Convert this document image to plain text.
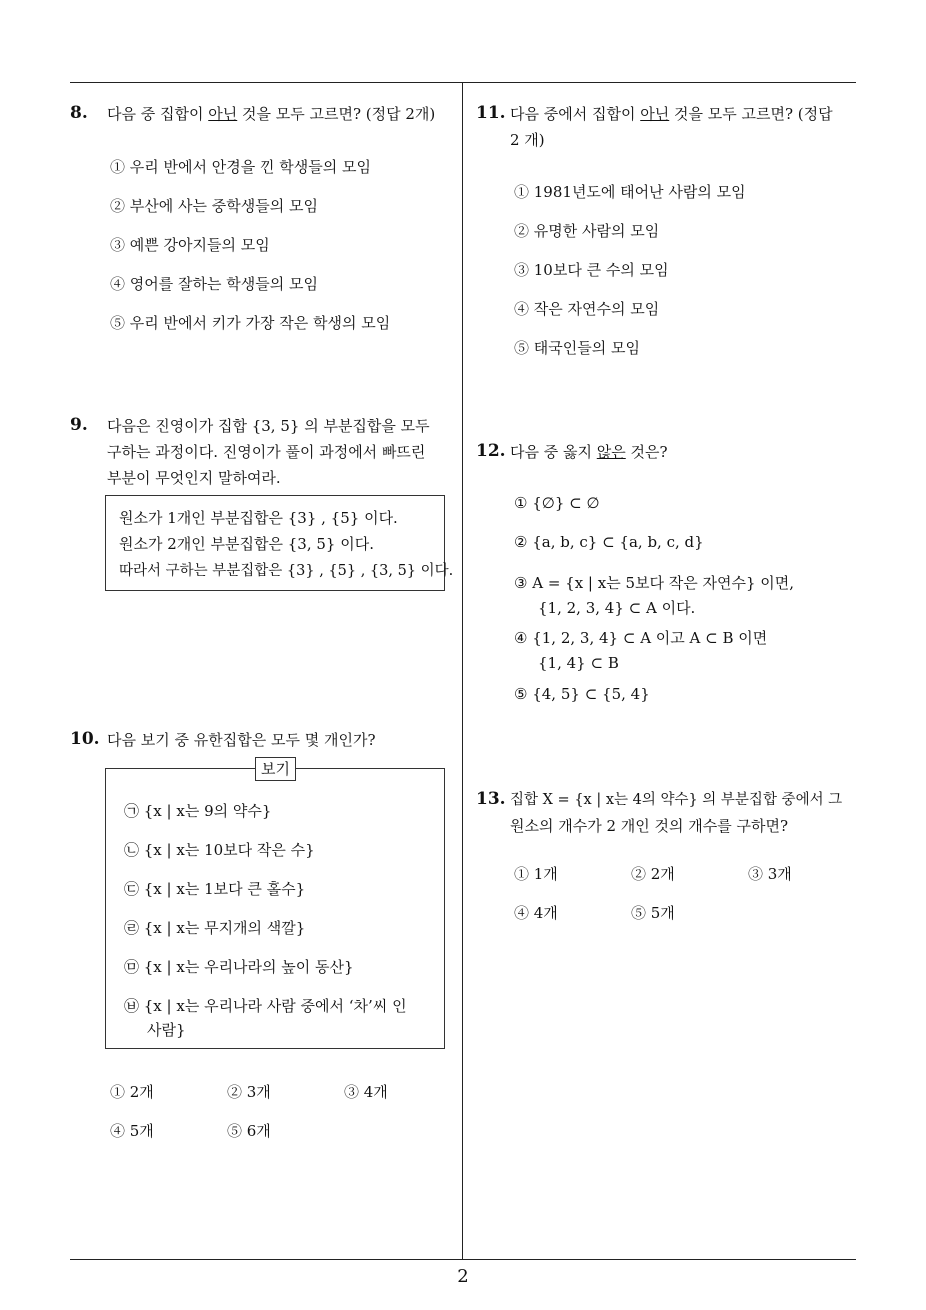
8. 다음 중 집합이 아닌 것을 모두 고르면? (정답 2개)
① 우리 반에서 안경을 낀 학생들의 모임
② 부산에 사는 중학생들의 모임
③ 예쁜 강아지들의 모임
④ 영어를 잘하는 학생들의 모임
⑤ 우리 반에서 키가 가장 작은 학생의 모임
9. 다음은 진영이가 집합 {3, 5} 의 부분집합을 모두
구하는 과정이다. 진영이가 풀이 과정에서 빠뜨린
부분이 무엇인지 말하여라.
원소가 1개인 부분집합은 {3} , {5} 이다.
원소가 2개인 부분집합은 {3, 5} 이다.
따라서 구하는 부분집합은 {3} , {5} , {3, 5} 이다.
10. 다음 보기 중 유한집합은 모두 몇 개인가?
보기
㉠ {x | x는 9의 약수}
㉡ {x | x는 10보다 작은 수}
㉢ {x | x는 1보다 큰 홀수}
㉣ {x | x는 무지개의 색깔}
㉤ {x | x는 우리나라의 높이 동산}
㉥ {x | x는 우리나라 사람 중에서 ‘차’씨 인
사람}
① 2개	② 3개	③ 4개
④ 5개	⑤ 6개
11. 다음 중에서 집합이 아닌 것을 모두 고르면? (정답
2 개)
① 1981년도에 태어난 사람의 모임
② 유명한 사람의 모임
③ 10보다 큰 수의 모임
④ 작은 자연수의 모임
⑤ 태국인들의 모임
12. 다음 중 옳지 않은 것은?
① {∅} ⊂ ∅
② {a, b, c} ⊂ {a, b, c, d}
③ A = {x | x는 5보다 작은 자연수} 이면,
{1, 2, 3, 4} ⊂ A 이다.
④ {1, 2, 3, 4} ⊂ A 이고 A ⊂ B 이면
{1, 4} ⊂ B
⑤ {4, 5} ⊂ {5, 4}
13. 집합 X = {x | x는 4의 약수} 의 부분집합 중에서 그
원소의 개수가 2 개인 것의 개수를 구하면?
① 1개	② 2개	③ 3개
④ 4개	⑤ 5개
2
